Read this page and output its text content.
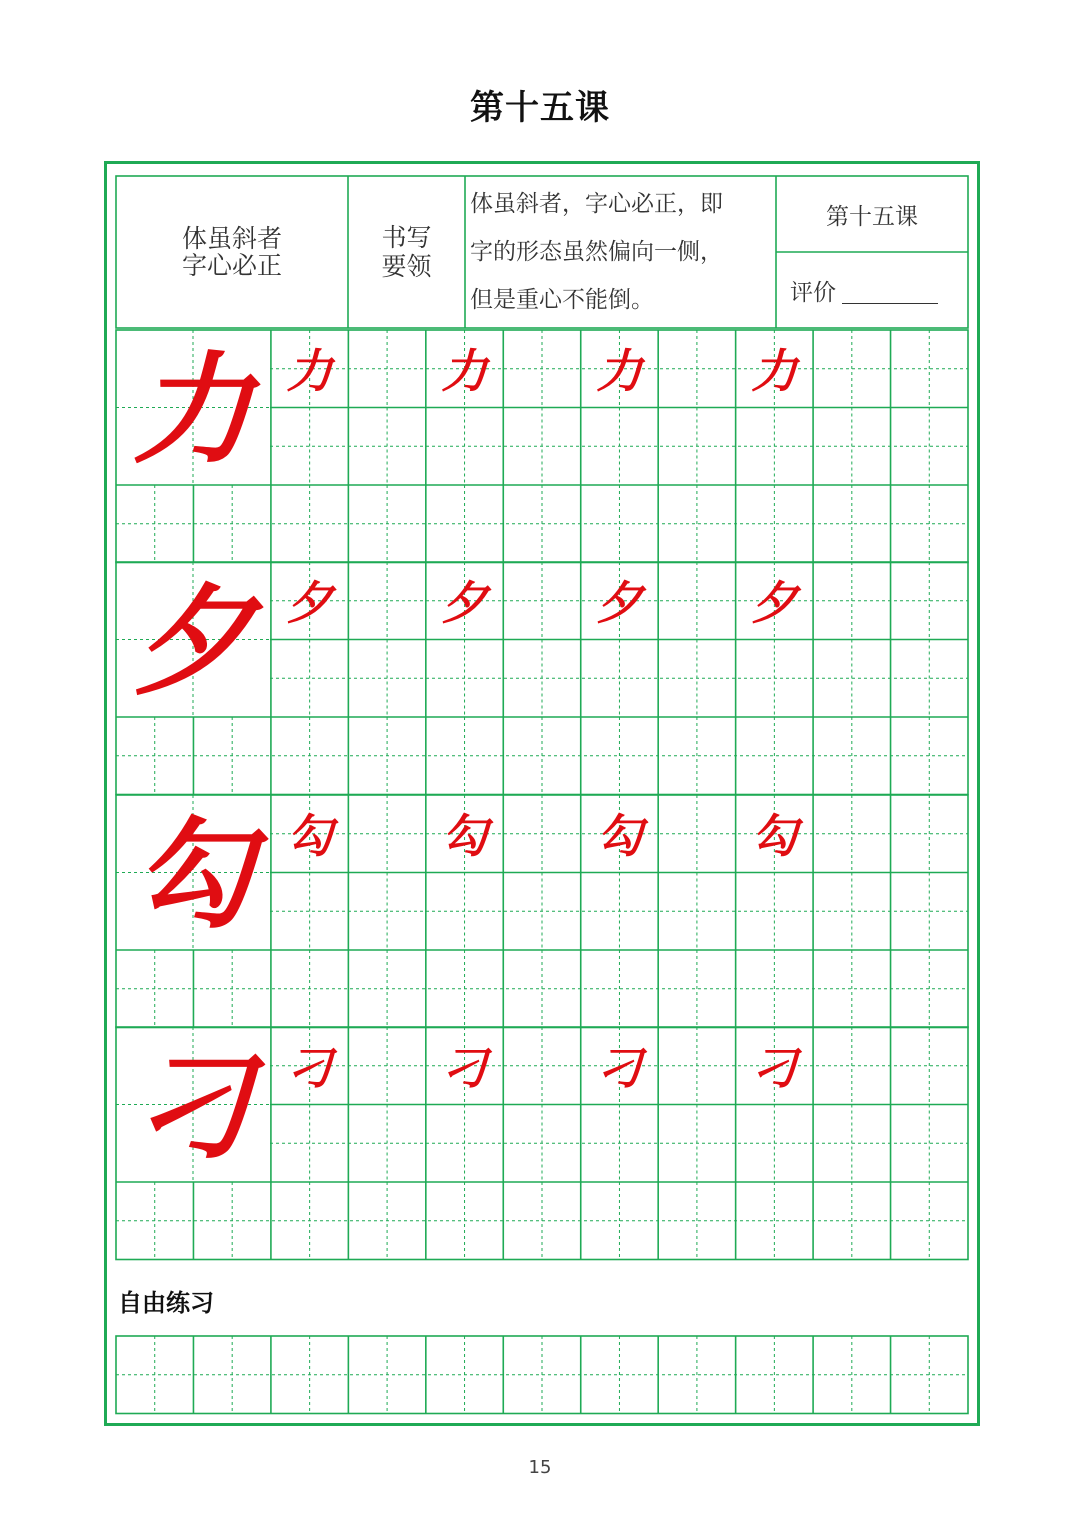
第十五课
力 力 力 力 力
夕 夕 夕 夕 夕
勾 勾 勾 勾 勾
刁 刁 刁 刁 刁
体虽斜者
字心必正
书写
要领
体虽斜者，字心必正，即
字的形态虽然偏向一侧，
但是重心不能倒。
第十五课
评价
自由练习
15
